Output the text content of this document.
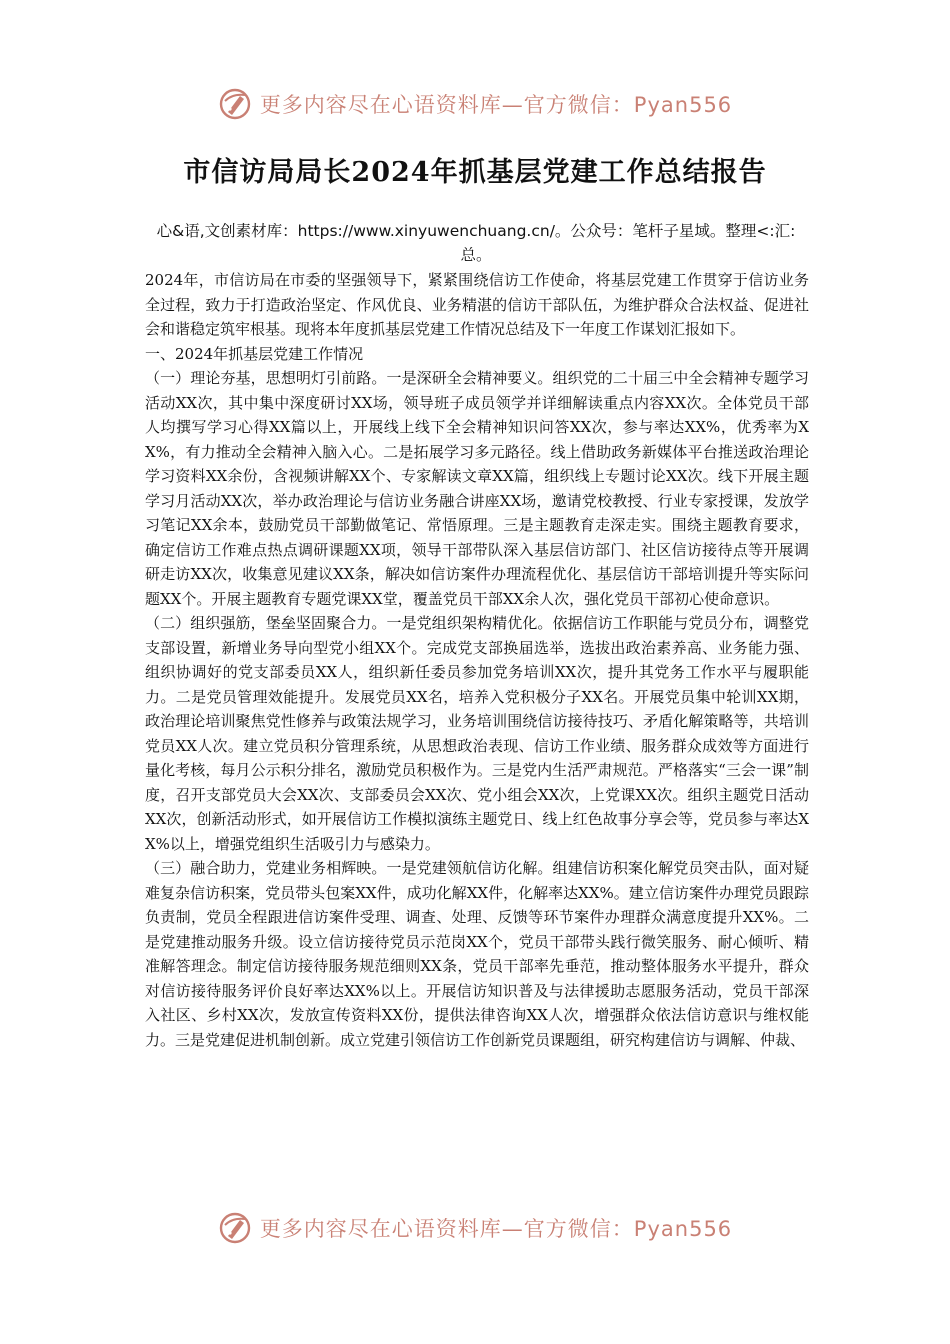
更多内容尽在心语资料库—官方微信：Pyan556
市信访局局长2024年抓基层党建工作总结报告

心&语,文创素材库：https://www.xinyuwenchuang.cn/。公众号：笔杆子星域。整理<:汇:总。

2024年，市信访局在市委的坚强领导下，紧紧围绕信访工作使命，将基层党建工作贯穿于信访业务全过程，致力于打造政治坚定、作风优良、业务精湛的信访干部队伍，为维护群众合法权益、促进社会和谐稳定筑牢根基。现将本年度抓基层党建工作情况总结及下一年度工作谋划汇报如下。

一、2024年抓基层党建工作情况

（一）理论夯基，思想明灯引前路。一是深研全会精神要义。组织党的二十届三中全会精神专题学习活动XX次，其中集中深度研讨XX场，领导班子成员领学并详细解读重点内容XX次。全体党员干部人均撰写学习心得XX篇以上，开展线上线下全会精神知识问答XX次，参与率达XX%，优秀率为XX%，有力推动全会精神入脑入心。二是拓展学习多元路径。线上借助政务新媒体平台推送政治理论学习资料XX余份，含视频讲解XX个、专家解读文章XX篇，组织线上专题讨论XX次。线下开展主题学习月活动XX次，举办政治理论与信访业务融合讲座XX场，邀请党校教授、行业专家授课，发放学习笔记XX余本，鼓励党员干部勤做笔记、常悟原理。三是主题教育走深走实。围绕主题教育要求，确定信访工作难点热点调研课题XX项，领导干部带队深入基层信访部门、社区信访接待点等开展调研走访XX次，收集意见建议XX条，解决如信访案件办理流程优化、基层信访干部培训提升等实际问题XX个。开展主题教育专题党课XX堂，覆盖党员干部XX余人次，强化党员干部初心使命意识。

（二）组织强筋，堡垒坚固聚合力。一是党组织架构精优化。依据信访工作职能与党员分布，调整党支部设置，新增业务导向型党小组XX个。完成党支部换届选举，选拔出政治素养高、业务能力强、组织协调好的党支部委员XX人，组织新任委员参加党务培训XX次，提升其党务工作水平与履职能力。二是党员管理效能提升。发展党员XX名，培养入党积极分子XX名。开展党员集中轮训XX期，政治理论培训聚焦党性修养与政策法规学习，业务培训围绕信访接待技巧、矛盾化解策略等，共培训党员XX人次。建立党员积分管理系统，从思想政治表现、信访工作业绩、服务群众成效等方面进行量化考核，每月公示积分排名，激励党员积极作为。三是党内生活严肃规范。严格落实“三会一课”制度，召开支部党员大会XX次、支部委员会XX次、党小组会XX次，上党课XX次。组织主题党日活动XX次，创新活动形式，如开展信访工作模拟演练主题党日、线上红色故事分享会等，党员参与率达XX%以上，增强党组织生活吸引力与感染力。

（三）融合助力，党建业务相辉映。一是党建领航信访化解。组建信访积案化解党员突击队，面对疑难复杂信访积案，党员带头包案XX件，成功化解XX件，化解率达XX%。建立信访案件办理党员跟踪负责制，党员全程跟进信访案件受理、调查、处理、反馈等环节案件办理群众满意度提升XX%。二是党建推动服务升级。设立信访接待党员示范岗XX个，党员干部带头践行微笑服务、耐心倾听、精准解答理念。制定信访接待服务规范细则XX条，党员干部率先垂范，推动整体服务水平提升，群众对信访接待服务评价良好率达XX%以上。开展信访知识普及与法律援助志愿服务活动，党员干部深入社区、乡村XX次，发放宣传资料XX份，提供法律咨询XX人次，增强群众依法信访意识与维权能力。三是党建促进机制创新。成立党建引领信访工作创新党员课题组，研究构建信访与调解、仲裁、

更多内容尽在心语资料库—官方微信：Pyan556
